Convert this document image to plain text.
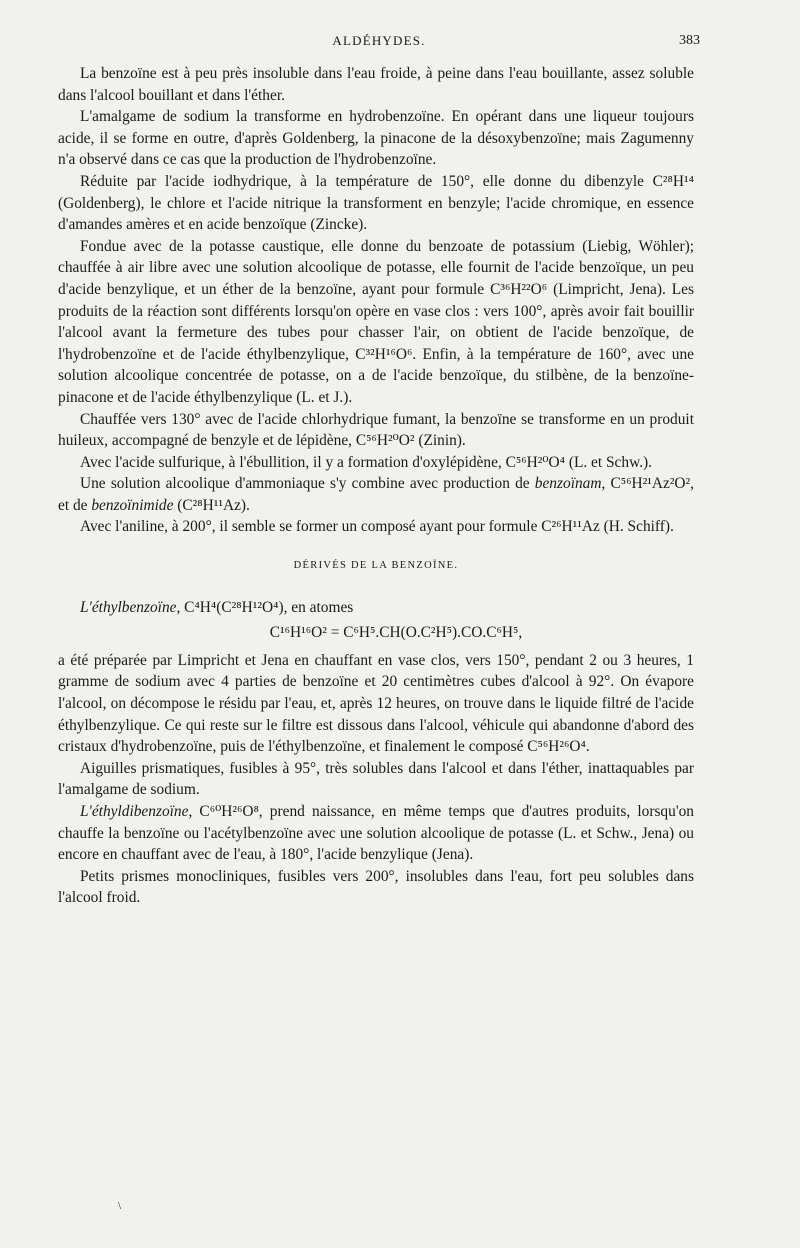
ALDÉHYDES.	383

La benzoïne est à peu près insoluble dans l'eau froide, à peine dans l'eau bouillante, assez soluble dans l'alcool bouillant et dans l'éther.

L'amalgame de sodium la transforme en hydrobenzoïne. En opérant dans une liqueur toujours acide, il se forme en outre, d'après Goldenberg, la pinacone de la désoxybenzoïne; mais Zagumenny n'a observé dans ce cas que la production de l'hydrobenzoïne.

Réduite par l'acide iodhydrique, à la température de 150°, elle donne du dibenzyle C²⁸H¹⁴ (Goldenberg), le chlore et l'acide nitrique la transforment en benzyle; l'acide chromique, en essence d'amandes amères et en acide benzoïque (Zincke).

Fondue avec de la potasse caustique, elle donne du benzoate de potassium (Liebig, Wöhler); chauffée à air libre avec une solution alcoolique de potasse, elle fournit de l'acide benzoïque, un peu d'acide benzylique, et un éther de la benzoïne, ayant pour formule C³⁶H²²O⁶ (Limpricht, Jena). Les produits de la réaction sont différents lorsqu'on opère en vase clos : vers 100°, après avoir fait bouillir l'alcool avant la fermeture des tubes pour chasser l'air, on obtient de l'acide benzoïque, de l'hydrobenzoïne et de l'acide éthylbenzylique, C³²H¹⁶O⁶. Enfin, à la température de 160°, avec une solution alcoolique concentrée de potasse, on a de l'acide benzoïque, du stilbène, de la benzoïne-pinacone et de l'acide éthylbenzylique (L. et J.).

Chauffée vers 130° avec de l'acide chlorhydrique fumant, la benzoïne se transforme en un produit huileux, accompagné de benzyle et de lépidène, C⁵⁶H²⁰O² (Zinin).

Avec l'acide sulfurique, à l'ébullition, il y a formation d'oxylépidène, C⁵⁶H²⁰O⁴ (L. et Schw.).

Une solution alcoolique d'ammoniaque s'y combine avec production de benzoïnam, C⁵⁶H²¹Az²O², et de benzoïnimide (C²⁸H¹¹Az).

Avec l'aniline, à 200°, il semble se former un composé ayant pour formule C²⁶H¹¹Az (H. Schiff).

DÉRIVÉS DE LA BENZOÏNE.

L'éthylbenzoïne, C⁴H⁴(C²⁸H¹²O⁴), en atomes

C¹⁶H¹⁶O² = C⁶H⁵.CH(O.C²H⁵).CO.C⁶H⁵,

a été préparée par Limpricht et Jena en chauffant en vase clos, vers 150°, pendant 2 ou 3 heures, 1 gramme de sodium avec 4 parties de benzoïne et 20 centimètres cubes d'alcool à 92°. On évapore l'alcool, on décompose le résidu par l'eau, et, après 12 heures, on trouve dans le liquide filtré de l'acide éthylbenzylique. Ce qui reste sur le filtre est dissous dans l'alcool, véhicule qui abandonne d'abord des cristaux d'hydrobenzoïne, puis de l'éthylbenzoïne, et finalement le composé C⁵⁶H²⁶O⁴.

Aiguilles prismatiques, fusibles à 95°, très solubles dans l'alcool et dans l'éther, inattaquables par l'amalgame de sodium.

L'éthyldibenzoïne, C⁶⁰H²⁶O⁸, prend naissance, en même temps que d'autres produits, lorsqu'on chauffe la benzoïne ou l'acétylbenzoïne avec une solution alcoolique de potasse (L. et Schw., Jena) ou encore en chauffant avec de l'eau, à 180°, l'acide benzylique (Jena).

Petits prismes monocliniques, fusibles vers 200°, insolubles dans l'eau, fort peu solubles dans l'alcool froid.

\
